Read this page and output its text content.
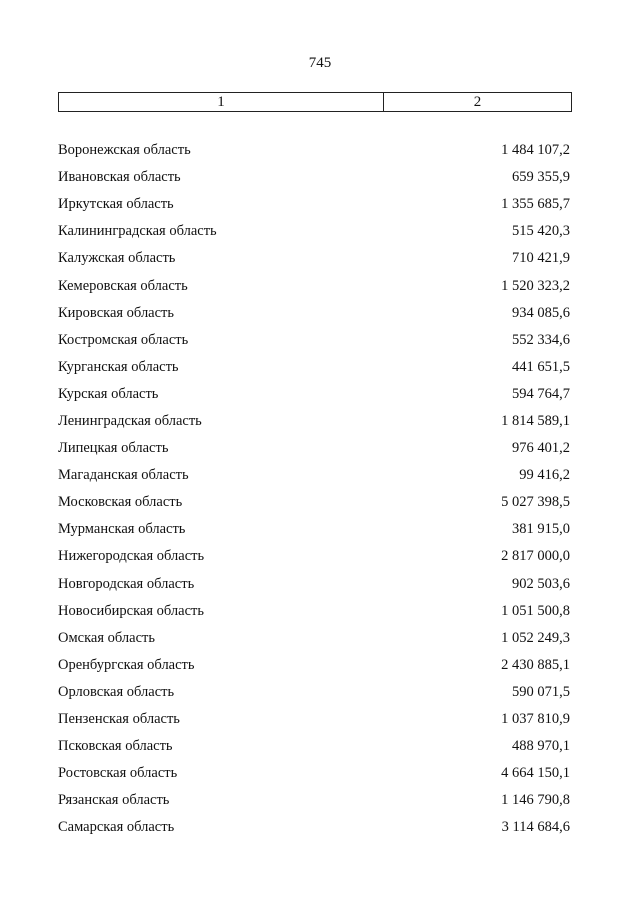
745
1	2
Воронежская область	1 484 107,2
Ивановская область	659 355,9
Иркутская область	1 355 685,7
Калининградская область	515 420,3
Калужская область	710 421,9
Кемеровская область	1 520 323,2
Кировская область	934 085,6
Костромская область	552 334,6
Курганская область	441 651,5
Курская область	594 764,7
Ленинградская область	1 814 589,1
Липецкая область	976 401,2
Магаданская область	99 416,2
Московская область	5 027 398,5
Мурманская область	381 915,0
Нижегородская область	2 817 000,0
Новгородская область	902 503,6
Новосибирская область	1 051 500,8
Омская область	1 052 249,3
Оренбургская область	2 430 885,1
Орловская область	590 071,5
Пензенская область	1 037 810,9
Псковская область	488 970,1
Ростовская область	4 664 150,1
Рязанская область	1 146 790,8
Самарская область	3 114 684,6
